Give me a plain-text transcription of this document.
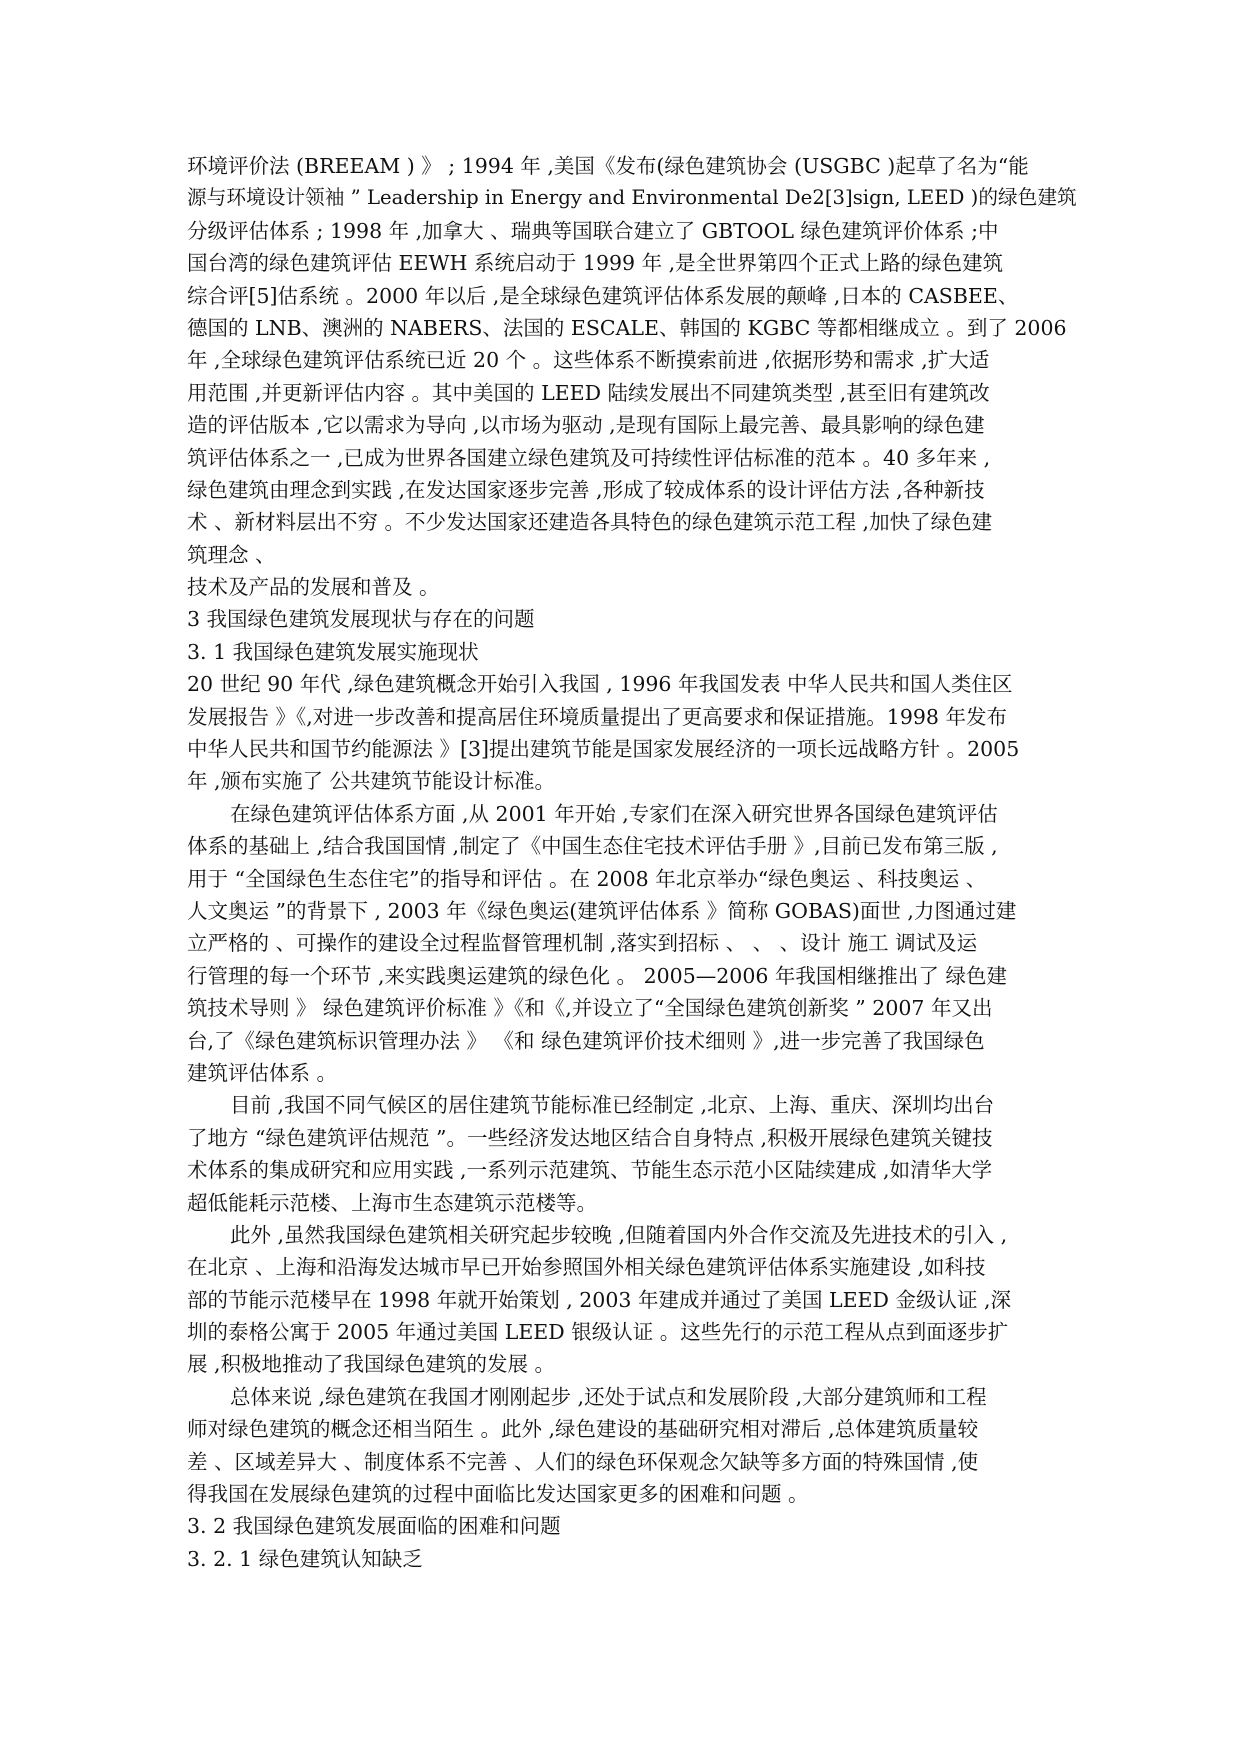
环境评价法 (BREEAM ) 》 ; 1994 年 ,美国《发布(绿色建筑协会 (USGBC )起草了名为“能
源与环境设计领袖 ” Leadership in Energy and Environmental De2[3]sign, LEED )的绿色建筑
分级评估体系 ; 1998 年 ,加拿大 、瑞典等国联合建立了 GBTOOL 绿色建筑评价体系 ;中
国台湾的绿色建筑评估 EEWH 系统启动于 1999 年 ,是全世界第四个正式上路的绿色建筑
综合评[5]估系统 。2000 年以后 ,是全球绿色建筑评估体系发展的颠峰 ,日本的 CASBEE、
德国的 LNB、澳洲的 NABERS、法国的 ESCALE、韩国的 KGBC 等都相继成立 。到了 2006
年 ,全球绿色建筑评估系统已近 20 个 。这些体系不断摸索前进 ,依据形势和需求 ,扩大适
用范围 ,并更新评估内容 。其中美国的 LEED 陆续发展出不同建筑类型 ,甚至旧有建筑改
造的评估版本 ,它以需求为导向 ,以市场为驱动 ,是现有国际上最完善、最具影响的绿色建
筑评估体系之一 ,已成为世界各国建立绿色建筑及可持续性评估标准的范本 。40 多年来 ,
绿色建筑由理念到实践 ,在发达国家逐步完善 ,形成了较成体系的设计评估方法 ,各种新技
术 、新材料层出不穷 。不少发达国家还建造各具特色的绿色建筑示范工程 ,加快了绿色建
筑理念 、
技术及产品的发展和普及 。
3 我国绿色建筑发展现状与存在的问题
3. 1 我国绿色建筑发展实施现状
20 世纪 90 年代 ,绿色建筑概念开始引入我国 , 1996 年我国发表 中华人民共和国人类住区
发展报告 》《,对进一步改善和提高居住环境质量提出了更高要求和保证措施。1998 年发布
中华人民共和国节约能源法 》[3]提出建筑节能是国家发展经济的一项长远战略方针 。2005
年 ,颁布实施了 公共建筑节能设计标准。
在绿色建筑评估体系方面 ,从 2001 年开始 ,专家们在深入研究世界各国绿色建筑评估
体系的基础上 ,结合我国国情 ,制定了《中国生态住宅技术评估手册 》,目前已发布第三版 ,
用于 “全国绿色生态住宅”的指导和评估 。在 2008 年北京举办“绿色奥运 、科技奥运 、
人文奥运 ”的背景下 , 2003 年《绿色奥运(建筑评估体系 》简称 GOBAS)面世 ,力图通过建
立严格的 、可操作的建设全过程监督管理机制 ,落实到招标 、 、 、设计 施工 调试及运
行管理的每一个环节 ,来实践奥运建筑的绿色化 。 2005—2006 年我国相继推出了 绿色建
筑技术导则 》 绿色建筑评价标准 》《和《,并设立了“全国绿色建筑创新奖 ” 2007 年又出
台,了《绿色建筑标识管理办法 》 《和 绿色建筑评价技术细则 》,进一步完善了我国绿色
建筑评估体系 。
目前 ,我国不同气候区的居住建筑节能标准已经制定 ,北京、上海、重庆、深圳均出台
了地方 “绿色建筑评估规范 ”。一些经济发达地区结合自身特点 ,积极开展绿色建筑关键技
术体系的集成研究和应用实践 ,一系列示范建筑、节能生态示范小区陆续建成 ,如清华大学
超低能耗示范楼、上海市生态建筑示范楼等。
此外 ,虽然我国绿色建筑相关研究起步较晚 ,但随着国内外合作交流及先进技术的引入 ,
在北京 、上海和沿海发达城市早已开始参照国外相关绿色建筑评估体系实施建设 ,如科技
部的节能示范楼早在 1998 年就开始策划 , 2003 年建成并通过了美国 LEED 金级认证 ,深
圳的泰格公寓于 2005 年通过美国 LEED 银级认证 。这些先行的示范工程从点到面逐步扩
展 ,积极地推动了我国绿色建筑的发展 。
总体来说 ,绿色建筑在我国才刚刚起步 ,还处于试点和发展阶段 ,大部分建筑师和工程
师对绿色建筑的概念还相当陌生 。此外 ,绿色建设的基础研究相对滞后 ,总体建筑质量较
差 、区域差异大 、制度体系不完善 、人们的绿色环保观念欠缺等多方面的特殊国情 ,使
得我国在发展绿色建筑的过程中面临比发达国家更多的困难和问题 。
3. 2 我国绿色建筑发展面临的困难和问题
3. 2. 1 绿色建筑认知缺乏
